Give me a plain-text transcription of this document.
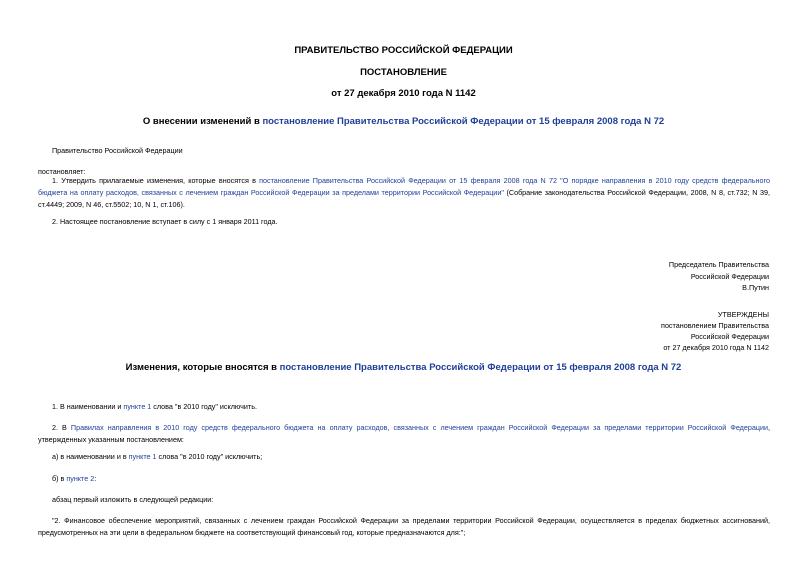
ПРАВИТЕЛЬСТВО РОССИЙСКОЙ ФЕДЕРАЦИИ
ПОСТАНОВЛЕНИЕ
от 27 декабря 2010 года N 1142
О внесении изменений в постановление Правительства Российской Федерации от 15 февраля 2008 года N 72
Правительство Российской Федерации
постановляет:
1. Утвердить прилагаемые изменения, которые вносятся в постановление Правительства Российской Федерации от 15 февраля 2008 года N 72 "О порядке направления в 2010 году средств федерального бюджета на оплату расходов, связанных с лечением граждан Российской Федерации за пределами территории Российской Федерации" (Собрание законодательства Российской Федерации, 2008, N 8, ст.732; N 39, ст.4449; 2009, N 46, ст.5502; 10, N 1, ст.106).
2. Настоящее постановление вступает в силу с 1 января 2011 года.
Председатель Правительства
Российской Федерации
В.Путин
УТВЕРЖДЕНЫ
постановлением Правительства
Российской Федерации
от 27 декабря 2010 года N 1142
Изменения, которые вносятся в постановление Правительства Российской Федерации от 15 февраля 2008 года N 72
1. В наименовании и пункте 1 слова "в 2010 году" исключить.
2. В Правилах направления в 2010 году средств федерального бюджета на оплату расходов, связанных с лечением граждан Российской Федерации за пределами территории Российской Федерации, утвержденных указанным постановлением:
а) в наименовании и в пункте 1 слова "в 2010 году" исключить;
б) в пункте 2:
абзац первый изложить в следующей редакции:
"2. Финансовое обеспечение мероприятий, связанных с лечением граждан Российской Федерации за пределами территории Российской Федерации, осуществляется в пределах бюджетных ассигнований, предусмотренных на эти цели в федеральном бюджете на соответствующий финансовый год, которые предназначаются для:";
